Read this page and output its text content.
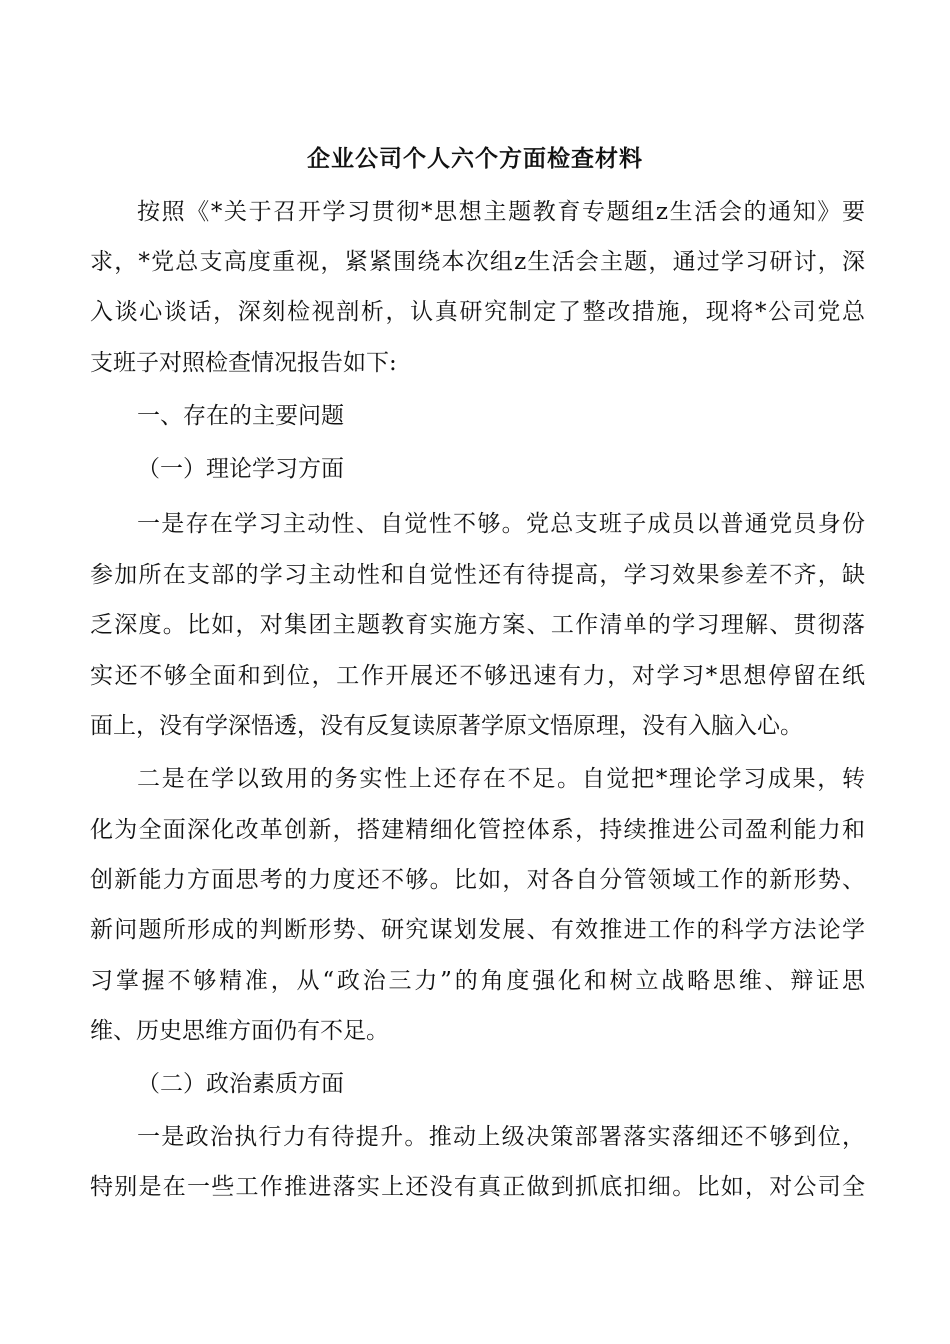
企业公司个人六个方面检查材料
按照《*关于召开学习贯彻*思想主题教育专题组z生活会的通知》要
求，*党总支高度重视，紧紧围绕本次组z生活会主题，通过学习研讨，深
入谈心谈话，深刻检视剖析，认真研究制定了整改措施，现将*公司党总
支班子对照检查情况报告如下:
一、存在的主要问题
（一）理论学习方面
一是存在学习主动性、自觉性不够。党总支班子成员以普通党员身份
参加所在支部的学习主动性和自觉性还有待提高，学习效果参差不齐，缺
乏深度。比如，对集团主题教育实施方案、工作清单的学习理解、贯彻落
实还不够全面和到位，工作开展还不够迅速有力，对学习*思想停留在纸
面上，没有学深悟透，没有反复读原著学原文悟原理，没有入脑入心。
二是在学以致用的务实性上还存在不足。自觉把*理论学习成果，转
化为全面深化改革创新，搭建精细化管控体系，持续推进公司盈利能力和
创新能力方面思考的力度还不够。比如，对各自分管领域工作的新形势、
新问题所形成的判断形势、研究谋划发展、有效推进工作的科学方法论学
习掌握不够精准，从“政治三力”的角度强化和树立战略思维、辩证思
维、历史思维方面仍有不足。
（二）政治素质方面
一是政治执行力有待提升。推动上级决策部署落实落细还不够到位，
特别是在一些工作推进落实上还没有真正做到抓底扣细。比如，对公司全
